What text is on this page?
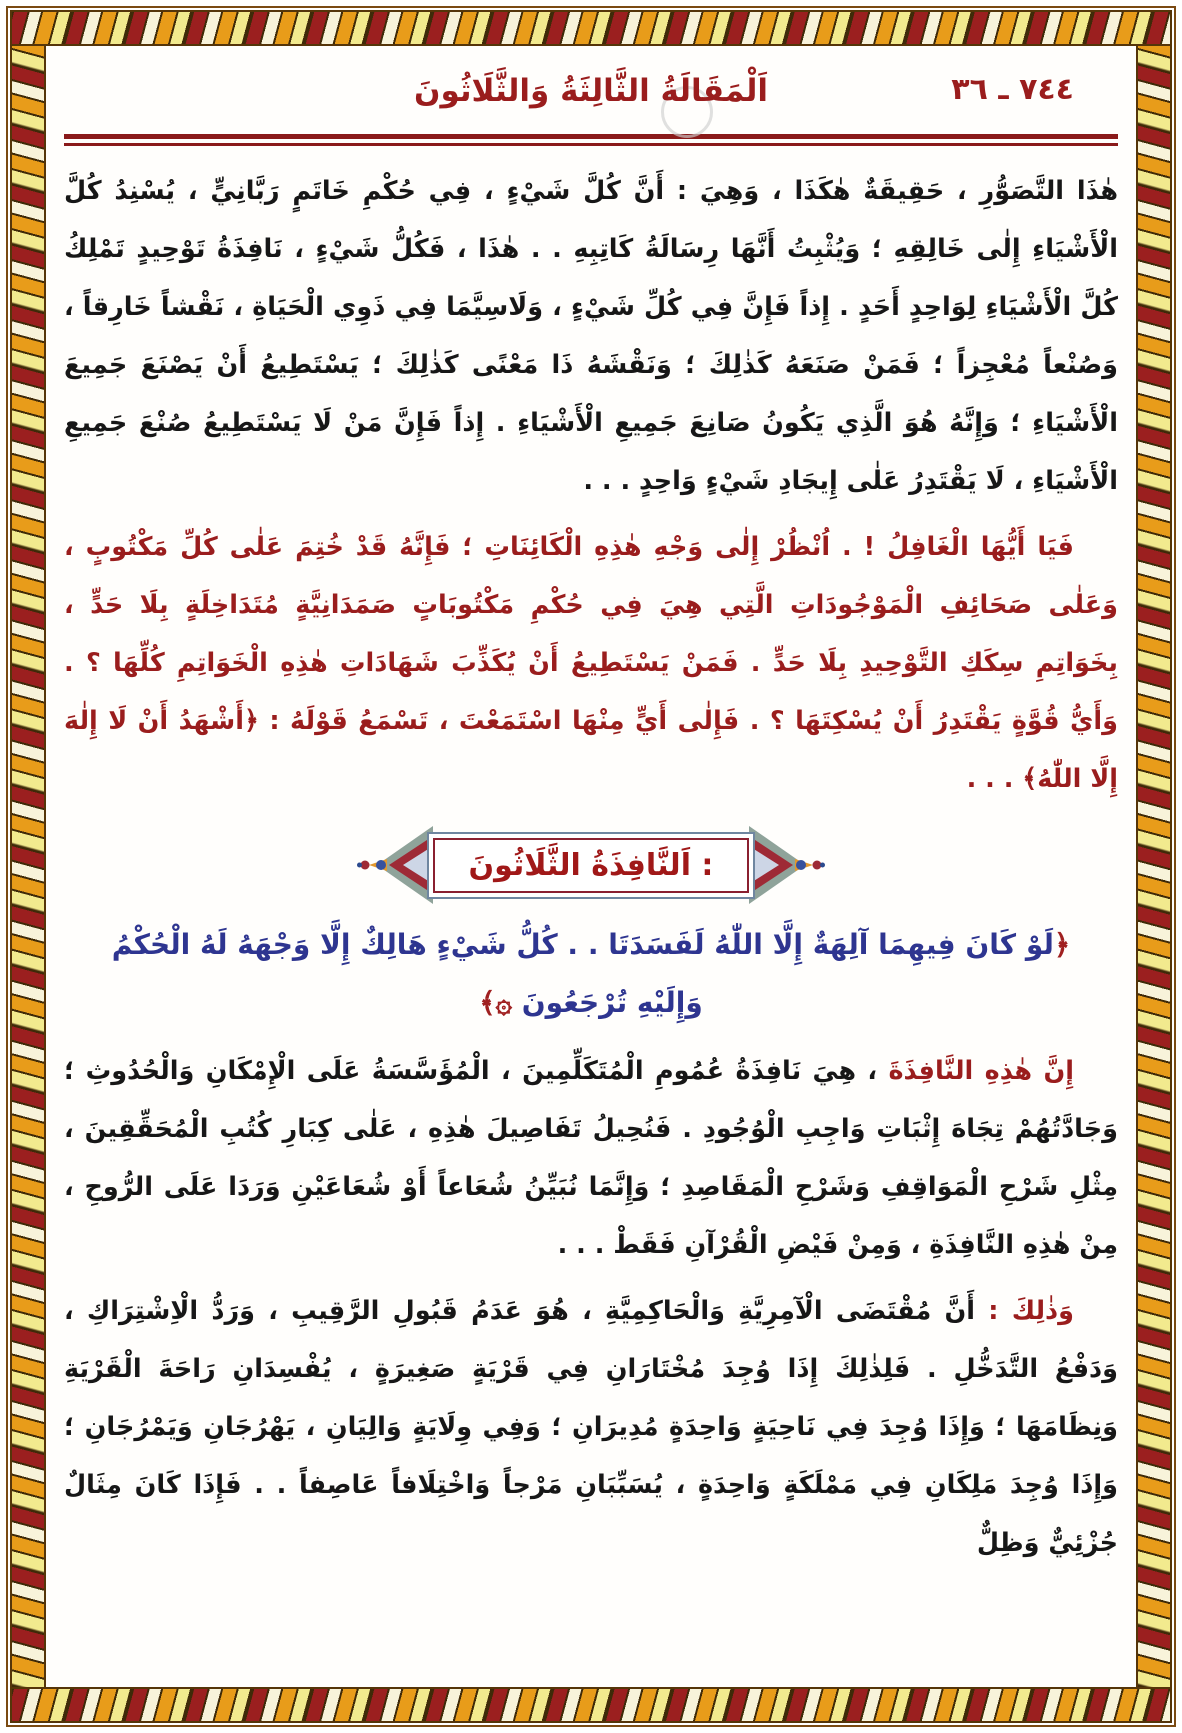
اَلْمَقَالَةُ الثَّالِثَةُ وَالثَّلَاثُونَ	٧٤٤ ـ ٣٦

هٰذَا التَّصَوُّرِ ، حَقِيقَةٌ هٰكَذَا ، وَهِيَ : أَنَّ كُلَّ شَيْءٍ ، فِي حُكْمِ خَاتَمٍ رَبَّانِيٍّ ، يُسْنِدُ كُلَّ الْأَشْيَاءِ إِلٰى خَالِقِهِ ؛ وَيُثْبِتُ أَنَّهَا رِسَالَةُ كَاتِبِهِ . . هٰذَا ، فَكُلُّ شَيْءٍ ، نَافِذَةُ تَوْحِيدٍ تَمْلِكُ كُلَّ الْأَشْيَاءِ لِوَاحِدٍ أَحَدٍ . إِذاً فَإِنَّ فِي كُلِّ شَيْءٍ ، وَلَاسِيَّمَا فِي ذَوِي الْحَيَاةِ ، نَقْشاً خَارِقاً ، وَصُنْعاً مُعْجِزاً ؛ فَمَنْ صَنَعَهُ كَذٰلِكَ ؛ وَنَقْشَهُ ذَا مَعْنًى كَذٰلِكَ ؛ يَسْتَطِيعُ أَنْ يَصْنَعَ جَمِيعَ الْأَشْيَاءِ ؛ وَإِنَّهُ هُوَ الَّذِي يَكُونُ صَانِعَ جَمِيعِ الْأَشْيَاءِ . إِذاً فَإِنَّ مَنْ لَا يَسْتَطِيعُ صُنْعَ جَمِيعِ الْأَشْيَاءِ ، لَا يَقْتَدِرُ عَلٰى إِيجَادِ شَيْءٍ وَاحِدٍ . . .

فَيَا أَيُّهَا الْغَافِلُ ! . اُنْظُرْ إِلٰى وَجْهِ هٰذِهِ الْكَائِنَاتِ ؛ فَإِنَّهُ قَدْ خُتِمَ عَلٰى كُلِّ مَكْتُوبٍ ، وَعَلٰى صَحَائِفِ الْمَوْجُودَاتِ الَّتِي هِيَ فِي حُكْمِ مَكْتُوبَاتٍ صَمَدَانِيَّةٍ مُتَدَاخِلَةٍ بِلَا حَدٍّ ، بِخَوَاتِمِ سِكَكِ التَّوْحِيدِ بِلَا حَدٍّ . فَمَنْ يَسْتَطِيعُ أَنْ يُكَذِّبَ شَهَادَاتِ هٰذِهِ الْخَوَاتِمِ كُلِّهَا ؟ . وَأَيُّ قُوَّةٍ يَقْتَدِرُ أَنْ يُسْكِتَهَا ؟ . فَإِلٰى أَيٍّ مِنْهَا اسْتَمَعْتَ ، تَسْمَعُ قَوْلَهُ : ﴿أَشْهَدُ أَنْ لَا إِلٰهَ إِلَّا اللّٰهُ﴾ . . .

اَلنَّافِذَةُ الثَّلَاثُونَ :
﴿لَوْ كَانَ فِيهِمَا آلِهَةٌ إِلَّا اللّٰهُ لَفَسَدَتَا . . كُلُّ شَيْءٍ هَالِكٌ إِلَّا وَجْهَهُ لَهُ الْحُكْمُ وَإِلَيْهِ تُرْجَعُونَ ۞﴾

إِنَّ هٰذِهِ النَّافِذَةَ ، هِيَ نَافِذَةُ عُمُومِ الْمُتَكَلِّمِينَ ، الْمُؤَسَّسَةُ عَلَى الْإِمْكَانِ وَالْحُدُوثِ ؛ وَجَادَّتُهُمْ تِجَاهَ إِثْبَاتِ وَاجِبِ الْوُجُودِ . فَنُحِيلُ تَفَاصِيلَ هٰذِهِ ، عَلٰى كِبَارِ كُتُبِ الْمُحَقِّقِينَ ، مِثْلِ شَرْحِ الْمَوَاقِفِ وَشَرْحِ الْمَقَاصِدِ ؛ وَإِنَّمَا نُبَيِّنُ شُعَاعاً أَوْ شُعَاعَيْنِ وَرَدَا عَلَى الرُّوحِ ، مِنْ هٰذِهِ النَّافِذَةِ ، وَمِنْ فَيْضِ الْقُرْآنِ فَقَطْ . . .

وَذٰلِكَ : أَنَّ مُقْتَضَى الْآمِرِيَّةِ وَالْحَاكِمِيَّةِ ، هُوَ عَدَمُ قَبُولِ الرَّقِيبِ ، وَرَدُّ الْاِشْتِرَاكِ ، وَدَفْعُ التَّدَخُّلِ . فَلِذٰلِكَ إِذَا وُجِدَ مُخْتَارَانِ فِي قَرْيَةٍ صَغِيرَةٍ ، يُفْسِدَانِ رَاحَةَ الْقَرْيَةِ وَنِظَامَهَا ؛ وَإِذَا وُجِدَ فِي نَاحِيَةٍ وَاحِدَةٍ مُدِيرَانِ ؛ وَفِي وِلَايَةٍ وَالِيَانِ ، يَهْرُجَانِ وَيَمْرُجَانِ ؛ وَإِذَا وُجِدَ مَلِكَانِ فِي مَمْلَكَةٍ وَاحِدَةٍ ، يُسَبِّبَانِ مَرْجاً وَاخْتِلَافاً عَاصِفاً . . فَإِذَا كَانَ مِثَالٌ جُزْئِيٌّ وَظِلٌّ
